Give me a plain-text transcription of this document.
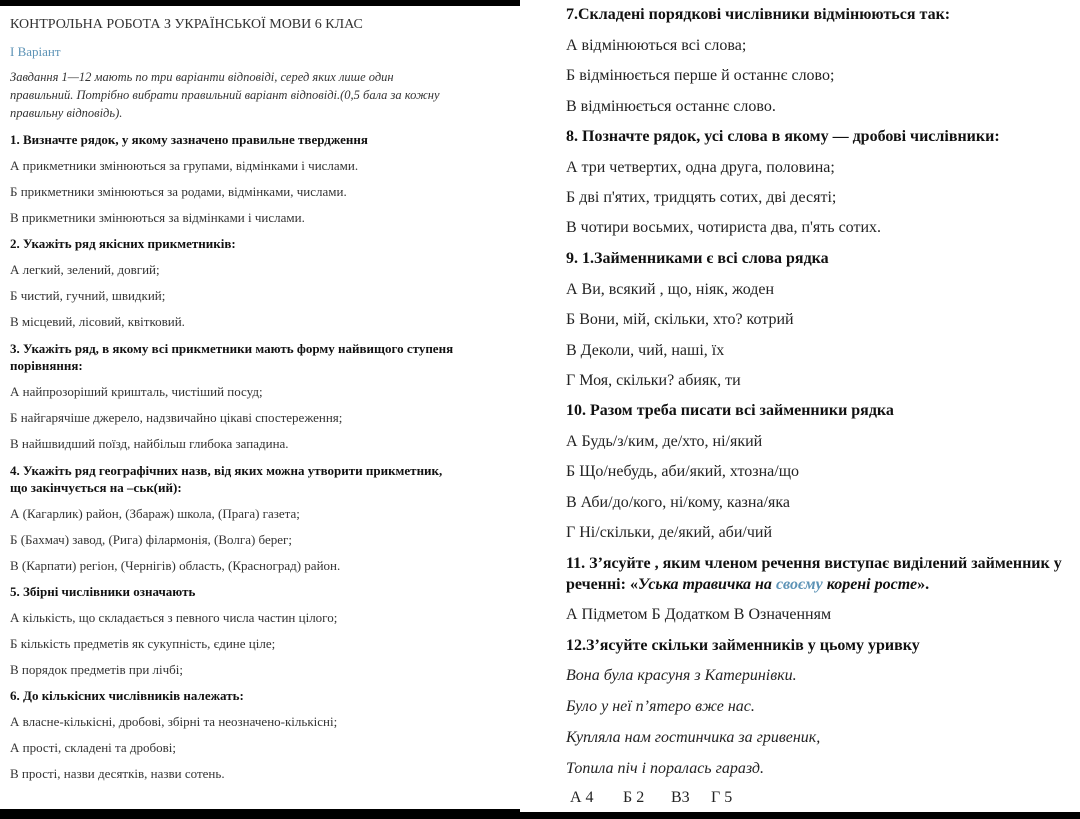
КОНТРОЛЬНА РОБОТА З УКРАЇНСЬКОЇ МОВИ 6 КЛАС
І Варіант
Завдання 1—12 мають по три варіанти відповіді, серед яких лише один
правильний. Потрібно вибрати правильний варіант відповіді.(0,5 бала за кожну
правильну відповідь).
1. Визначте рядок, у якому зазначено правильне твердження
А прикметники змінюються за групами, відмінками і числами.
Б прикметники змінюються за родами, відмінками, числами.
В прикметники змінюються за відмінками і числами.
2. Укажіть ряд якісних прикметників:
А легкий, зелений, довгий;
Б чистий, гучний, швидкий;
В місцевий, лісовий, квітковий.
3. Укажіть ряд, в якому всі прикметники мають форму найвищого ступеня
порівняння:
А найпрозоріший кришталь, чистіший посуд;
Б найгарячіше джерело, надзвичайно цікаві спостереження;
В найшвидший поїзд, найбільш глибока западина.
4. Укажіть ряд географічних назв, від яких можна утворити прикметник,
що закінчується на –ськ(ий):
А (Кагарлик) район, (Збараж) школа, (Прага) газета;
Б (Бахмач) завод, (Рига) філармонія, (Волга) берег;
В (Карпати) регіон, (Чернігів) область, (Красноград) район.
5. Збірні числівники означають
А кількість, що складається з певного числа частин цілого;
Б кількість предметів як сукупність, єдине ціле;
В порядок предметів при лічбі;
6. До кількісних числівників належать:
А власне-кількісні, дробові, збірні та неозначено-кількісні;
А прості, складені та дробові;
В прості, назви десятків, назви сотень.
7.Складені порядкові числівники відмінюються так:
А відмінюються всі слова;
Б відмінюється перше й останнє слово;
В відмінюється останнє слово.
8. Позначте рядок, усі слова в якому — дробові числівники:
А три четвертих, одна друга, половина;
Б дві п'ятих, тридцять сотих, дві десяті;
В чотири восьмих, чотириста два, п'ять сотих.
9. 1.Займенниками є всі слова рядка
А Ви, всякий , що, ніяк, жоден
Б Вони, мій, скільки, хто? котрий
В Деколи, чий, наші, їх
Г Моя, скільки? абияк, ти
10. Разом треба писати всі займенники рядка
А Будь/з/ким, де/хто, ні/який
Б Що/небудь, аби/який, хтозна/що
В Аби/до/кого, ні/кому, казна/яка
Г Ні/скільки, де/який, аби/чий
11. З’ясуйте , яким членом речення виступає виділений займенник у
реченні: «Уська травичка на своєму корені росте».
А Підметом Б Додатком В Означенням
12.З’ясуйте скільки займенників у цьому уривку
Вона була красуня з Катеринівки.
Було у неї п’ятеро вже нас.
Купляла нам гостинчика за гривеник,
Топила піч і поралась гаразд.
А 4 Б 2 В3 Г 5
